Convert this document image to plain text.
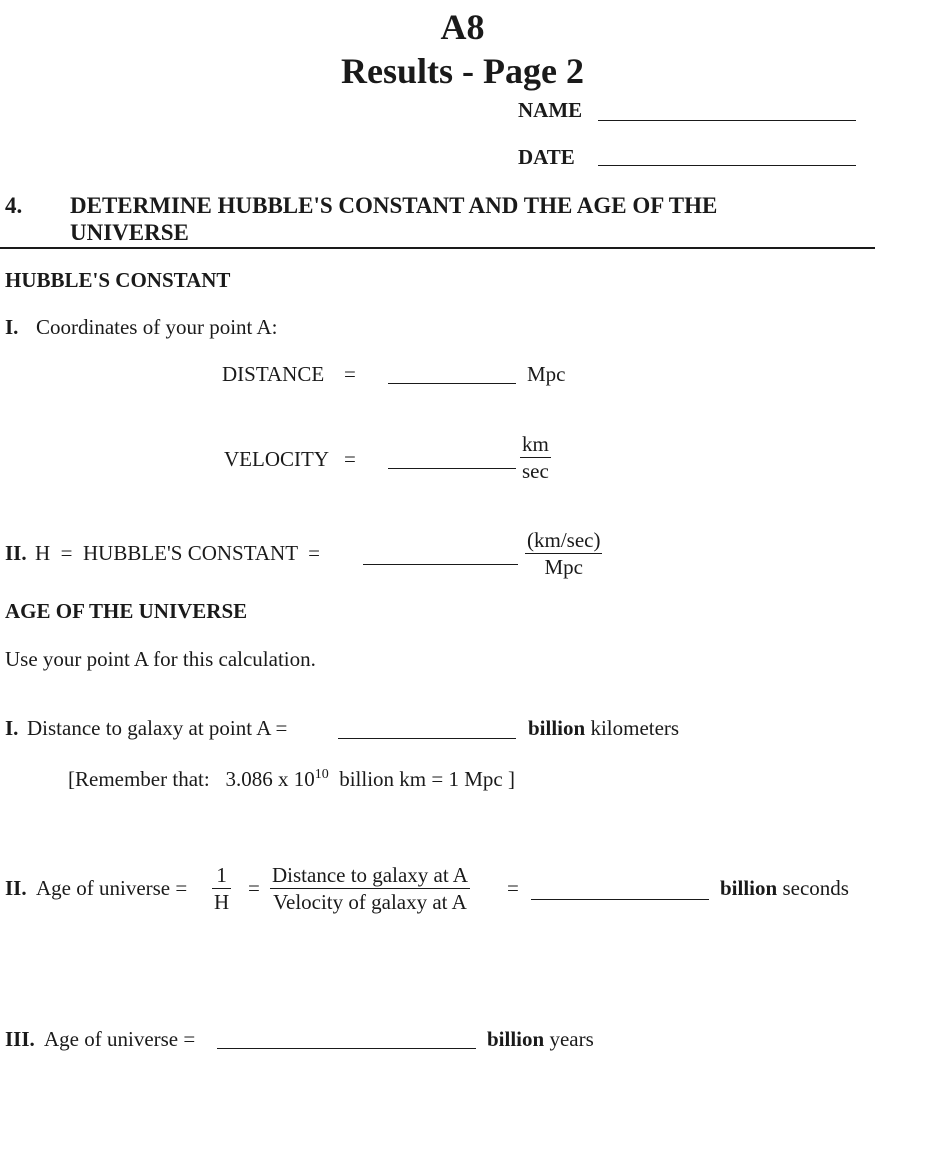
A8
Results - Page 2
NAME
DATE
4. DETERMINE HUBBLE'S CONSTANT AND THE AGE OF THE
UNIVERSE
HUBBLE'S CONSTANT
I. Coordinates of your point A:
DISTANCE =	Mpc
VELOCITY =
km
sec
II. H  =  HUBBLE'S CONSTANT  =
(km/sec)
Mpc
AGE OF THE UNIVERSE
Use your point A for this calculation.
I. Distance to galaxy at point A =	billion kilometers
[Remember that:   3.086 x $10^{10}$  billion km = 1 Mpc ]
II. Age of universe =
1
H
=
Distance to galaxy at A
Velocity of galaxy at A
=	billion seconds
III. Age of universe =	billion years
